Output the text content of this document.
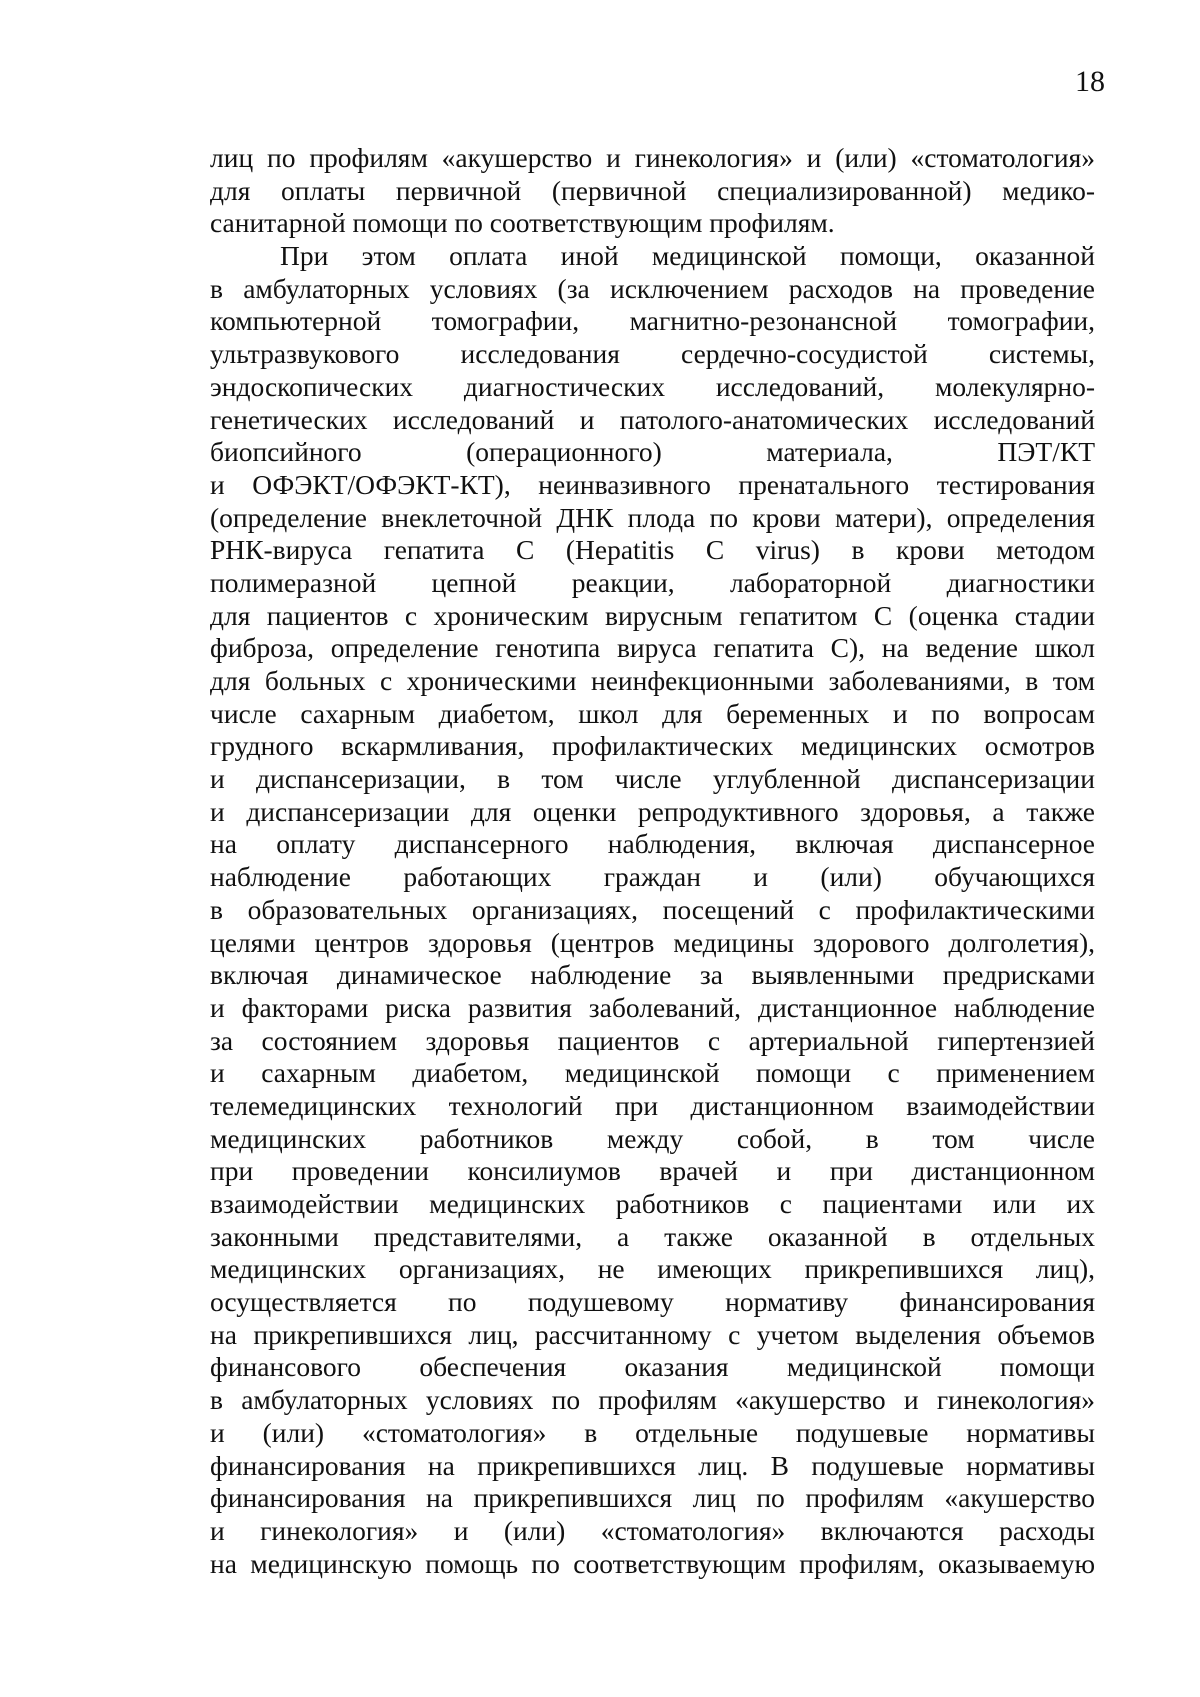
18
лиц по профилям «акушерство и гинекология» и (или) «стоматология»
для оплаты первичной (первичной специализированной) медико-
санитарной помощи по соответствующим профилям.
При этом оплата иной медицинской помощи, оказанной
в амбулаторных условиях (за исключением расходов на проведение
компьютерной томографии, магнитно-резонансной томографии,
ультразвукового исследования сердечно-сосудистой системы,
эндоскопических диагностических исследований, молекулярно-
генетических исследований и патолого-анатомических исследований
биопсийного (операционного) материала, ПЭТ/КТ
и ОФЭКТ/ОФЭКТ-КТ), неинвазивного пренатального тестирования
(определение внеклеточной ДНК плода по крови матери), определения
РНК-вируса гепатита С (Hepatitis C virus) в крови методом
полимеразной цепной реакции, лабораторной диагностики
для пациентов с хроническим вирусным гепатитом С (оценка стадии
фиброза, определение генотипа вируса гепатита С), на ведение школ
для больных с хроническими неинфекционными заболеваниями, в том
числе сахарным диабетом, школ для беременных и по вопросам
грудного вскармливания, профилактических медицинских осмотров
и диспансеризации, в том числе углубленной диспансеризации
и диспансеризации для оценки репродуктивного здоровья, а также
на оплату диспансерного наблюдения, включая диспансерное
наблюдение работающих граждан и (или) обучающихся
в образовательных организациях, посещений с профилактическими
целями центров здоровья (центров медицины здорового долголетия),
включая динамическое наблюдение за выявленными предрисками
и факторами риска развития заболеваний, дистанционное наблюдение
за состоянием здоровья пациентов с артериальной гипертензией
и сахарным диабетом, медицинской помощи с применением
телемедицинских технологий при дистанционном взаимодействии
медицинских работников между собой, в том числе
при проведении консилиумов врачей и при дистанционном
взаимодействии медицинских работников с пациентами или их
законными представителями, а также оказанной в отдельных
медицинских организациях, не имеющих прикрепившихся лиц),
осуществляется по подушевому нормативу финансирования
на прикрепившихся лиц, рассчитанному с учетом выделения объемов
финансового обеспечения оказания медицинской помощи
в амбулаторных условиях по профилям «акушерство и гинекология»
и (или) «стоматология» в отдельные подушевые нормативы
финансирования на прикрепившихся лиц. В подушевые нормативы
финансирования на прикрепившихся лиц по профилям «акушерство
и гинекология» и (или) «стоматология» включаются расходы
на медицинскую помощь по соответствующим профилям, оказываемую
